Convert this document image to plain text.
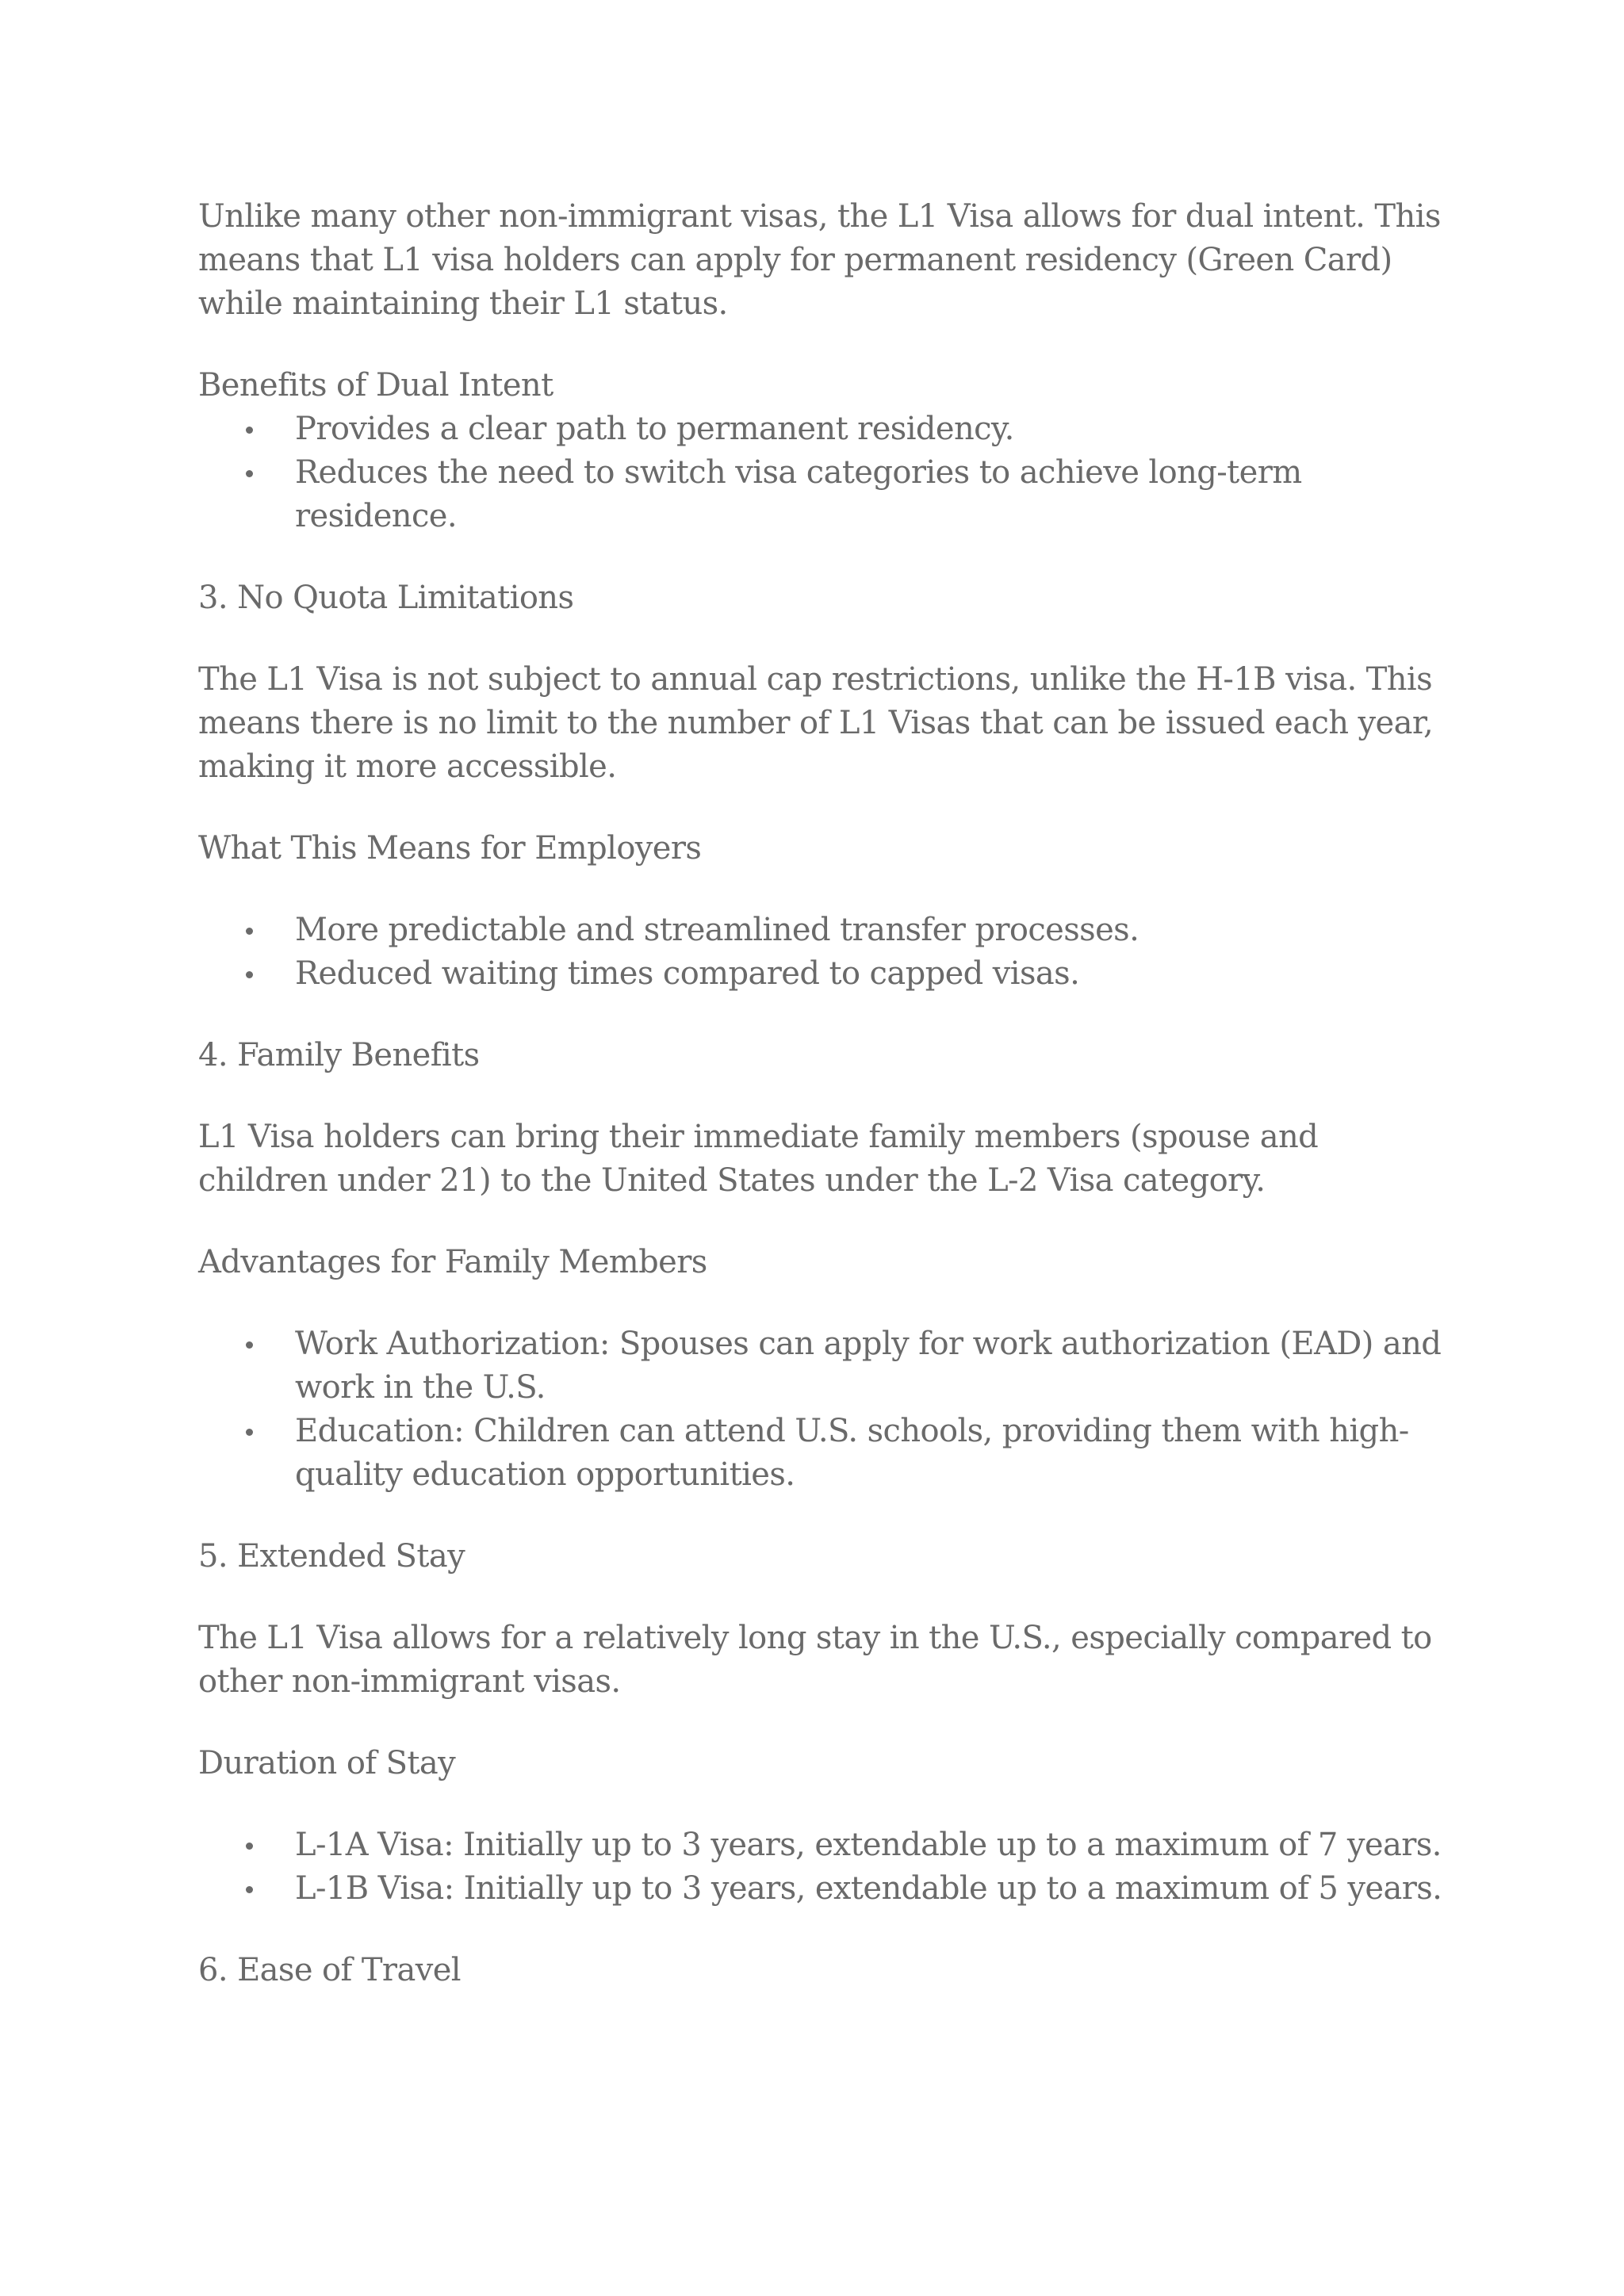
Unlike many other non-immigrant visas, the L1 Visa allows for dual intent. This means that L1 visa holders can apply for permanent residency (Green Card) while maintaining their L1 status.

Benefits of Dual Intent

Provides a clear path to permanent residency.
Reduces the need to switch visa categories to achieve long-term residence.

3. No Quota Limitations

The L1 Visa is not subject to annual cap restrictions, unlike the H-1B visa. This means there is no limit to the number of L1 Visas that can be issued each year, making it more accessible.

What This Means for Employers

More predictable and streamlined transfer processes.
Reduced waiting times compared to capped visas.

4. Family Benefits

L1 Visa holders can bring their immediate family members (spouse and children under 21) to the United States under the L-2 Visa category.

Advantages for Family Members

Work Authorization: Spouses can apply for work authorization (EAD) and work in the U.S.
Education: Children can attend U.S. schools, providing them with high-quality education opportunities.

5. Extended Stay

The L1 Visa allows for a relatively long stay in the U.S., especially compared to other non-immigrant visas.

Duration of Stay

L-1A Visa: Initially up to 3 years, extendable up to a maximum of 7 years.
L-1B Visa: Initially up to 3 years, extendable up to a maximum of 5 years.

6. Ease of Travel
